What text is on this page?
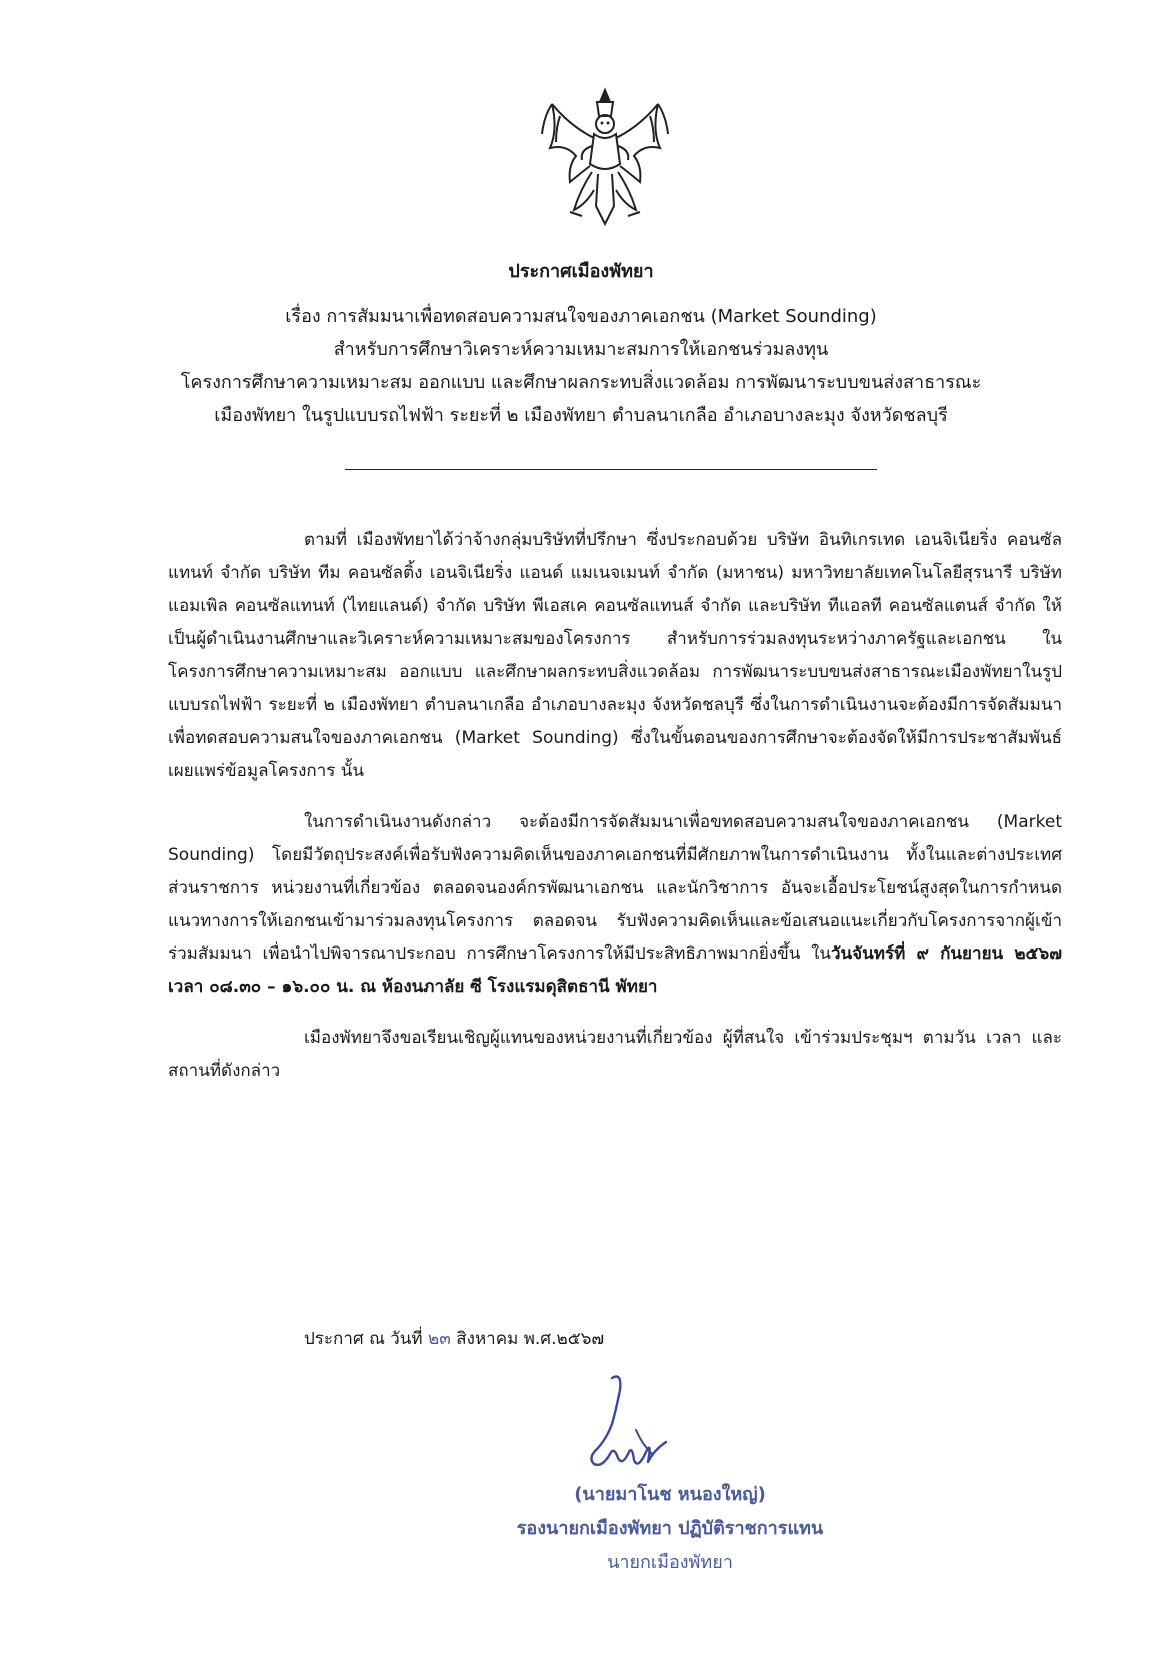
ประกาศเมืองพัทยา
เรื่อง การสัมมนาเพื่อทดสอบความสนใจของภาคเอกชน (Market Sounding)
สำหรับการศึกษาวิเคราะห์ความเหมาะสมการให้เอกชนร่วมลงทุน
โครงการศึกษาความเหมาะสม ออกแบบ และศึกษาผลกระทบสิ่งแวดล้อม การพัฒนาระบบขนส่งสาธารณะ
เมืองพัทยา ในรูปแบบรถไฟฟ้า ระยะที่ ๒ เมืองพัทยา ตำบลนาเกลือ อำเภอบางละมุง จังหวัดชลบุรี

ตามที่ เมืองพัทยาได้ว่าจ้างกลุ่มบริษัทที่ปรึกษา ซึ่งประกอบด้วย บริษัท อินทิเกรเทด เอนจิเนียริ่ง คอนซัลแทนท์ จำกัด บริษัท ทีม คอนซัลติ้ง เอนจิเนียริ่ง แอนด์ แมเนจเมนท์ จำกัด (มหาชน) มหาวิทยาลัยเทคโนโลยีสุรนารี บริษัท แอมเพิล คอนซัลแทนท์ (ไทยแลนด์) จำกัด บริษัท พีเอสเค คอนซัลแทนส์ จำกัด และบริษัท ทีแอลที คอนซัลแตนส์ จำกัด ให้เป็นผู้ดำเนินงานศึกษาและวิเคราะห์ความเหมาะสมของโครงการ สำหรับการร่วมลงทุนระหว่างภาครัฐและเอกชน ในโครงการศึกษาความเหมาะสม ออกแบบ และศึกษาผลกระทบสิ่งแวดล้อม การพัฒนาระบบขนส่งสาธารณะเมืองพัทยาในรูปแบบรถไฟฟ้า ระยะที่ ๒ เมืองพัทยา ตำบลนาเกลือ อำเภอบางละมุง จังหวัดชลบุรี ซึ่งในการดำเนินงานจะต้องมีการจัดสัมมนาเพื่อทดสอบความสนใจของภาคเอกชน (Market Sounding) ซึ่งในขั้นตอนของการศึกษาจะต้องจัดให้มีการประชาสัมพันธ์เผยแพร่ข้อมูลโครงการ นั้น

ในการดำเนินงานดังกล่าว จะต้องมีการจัดสัมมนาเพื่อขทดสอบความสนใจของภาคเอกชน (Market Sounding) โดยมีวัตถุประสงค์เพื่อรับฟังความคิดเห็นของภาคเอกชนที่มีศักยภาพในการดำเนินงาน ทั้งในและต่างประเทศ ส่วนราชการ หน่วยงานที่เกี่ยวข้อง ตลอดจนองค์กรพัฒนาเอกชน และนักวิชาการ อันจะเอื้อประโยชน์สูงสุดในการกำหนดแนวทางการให้เอกชนเข้ามาร่วมลงทุนโครงการ ตลอดจน รับฟังความคิดเห็นและข้อเสนอแนะเกี่ยวกับโครงการจากผู้เข้าร่วมสัมมนา เพื่อนำไปพิจารณาประกอบ การศึกษาโครงการให้มีประสิทธิภาพมากยิ่งขึ้น ในวันจันทร์ที่ ๙ กันยายน ๒๕๖๗ เวลา ๐๘.๓๐ – ๑๖.๐๐ น. ณ ห้องนภาลัย ซี โรงแรมดุสิตธานี พัทยา

เมืองพัทยาจึงขอเรียนเชิญผู้แทนของหน่วยงานที่เกี่ยวข้อง ผู้ที่สนใจ เข้าร่วมประชุมฯ ตามวัน เวลา และสถานที่ดังกล่าว

ประกาศ ณ วันที่ ๒๓ สิงหาคม พ.ศ.๒๕๖๗
(นายมาโนช หนองใหญ่)
รองนายกเมืองพัทยา ปฏิบัติราชการแทน
นายกเมืองพัทยา
